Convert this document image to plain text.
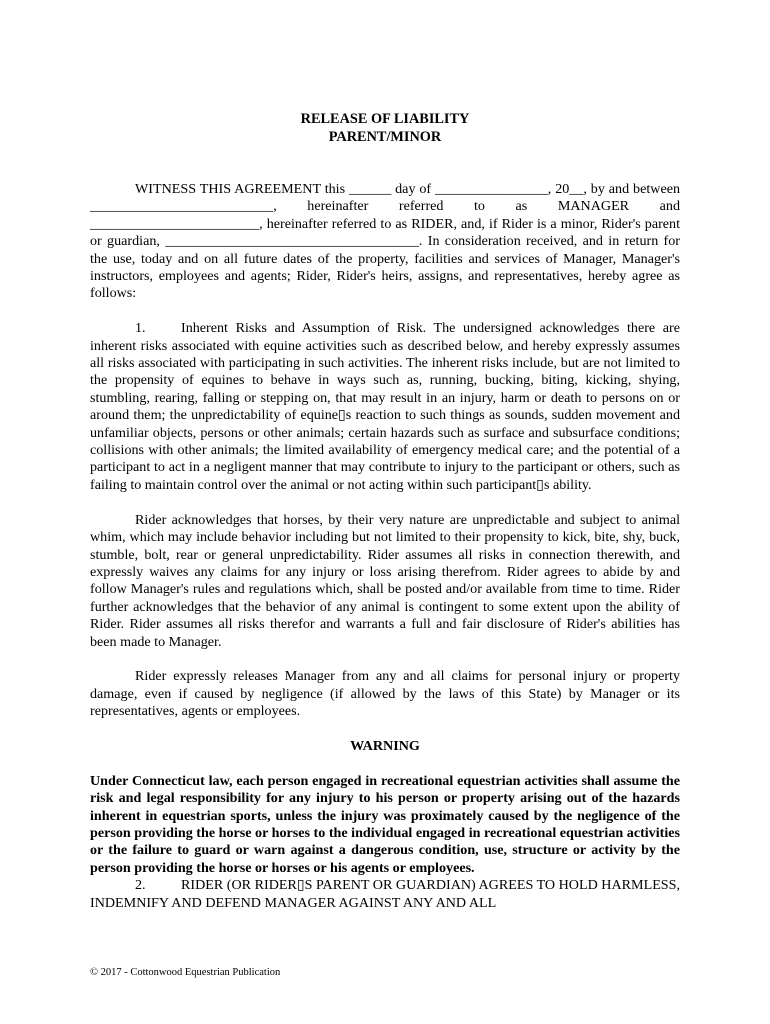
RELEASE OF LIABILITY
PARENT/MINOR

WITNESS THIS AGREEMENT this ______ day of ________________, 20__, by and between __________________________, hereinafter referred to as MANAGER and ________________________, hereinafter referred to as RIDER, and, if Rider is a minor, Rider's parent or guardian, ____________________________________. In consideration received, and in return for the use, today and on all future dates of the property, facilities and services of Manager, Manager's instructors, employees and agents; Rider, Rider's heirs, assigns, and representatives, hereby agree as follows:

1.	Inherent Risks and Assumption of Risk. The undersigned acknowledges there are inherent risks associated with equine activities such as described below, and hereby expressly assumes all risks associated with participating in such activities. The inherent risks include, but are not limited to the propensity of equines to behave in ways such as, running, bucking, biting, kicking, shying, stumbling, rearing, falling or stepping on, that may result in an injury, harm or death to persons on or around them; the unpredictability of equine▯s reaction to such things as sounds, sudden movement and unfamiliar objects, persons or other animals; certain hazards such as surface and subsurface conditions; collisions with other animals; the limited availability of emergency medical care; and the potential of a participant to act in a negligent manner that may contribute to injury to the participant or others, such as failing to maintain control over the animal or not acting within such participant▯s ability.

Rider acknowledges that horses, by their very nature are unpredictable and subject to animal whim, which may include behavior including but not limited to their propensity to kick, bite, shy, buck, stumble, bolt, rear or general unpredictability. Rider assumes all risks in connection therewith, and expressly waives any claims for any injury or loss arising therefrom. Rider agrees to abide by and follow Manager's rules and regulations which, shall be posted and/or available from time to time. Rider further acknowledges that the behavior of any animal is contingent to some extent upon the ability of Rider. Rider assumes all risks therefor and warrants a full and fair disclosure of Rider's abilities has been made to Manager.

Rider expressly releases Manager from any and all claims for personal injury or property damage, even if caused by negligence (if allowed by the laws of this State) by Manager or its representatives, agents or employees.

WARNING

Under Connecticut law, each person engaged in recreational equestrian activities shall assume the risk and legal responsibility for any injury to his person or property arising out of the hazards inherent in equestrian sports, unless the injury was proximately caused by the negligence of the person providing the horse or horses to the individual engaged in recreational equestrian activities or the failure to guard or warn against a dangerous condition, use, structure or activity by the person providing the horse or horses or his agents or employees.

2.	RIDER (OR RIDER▯S PARENT OR GUARDIAN) AGREES TO HOLD HARMLESS, INDEMNIFY AND DEFEND MANAGER AGAINST ANY AND ALL

© 2017 - Cottonwood Equestrian Publication
